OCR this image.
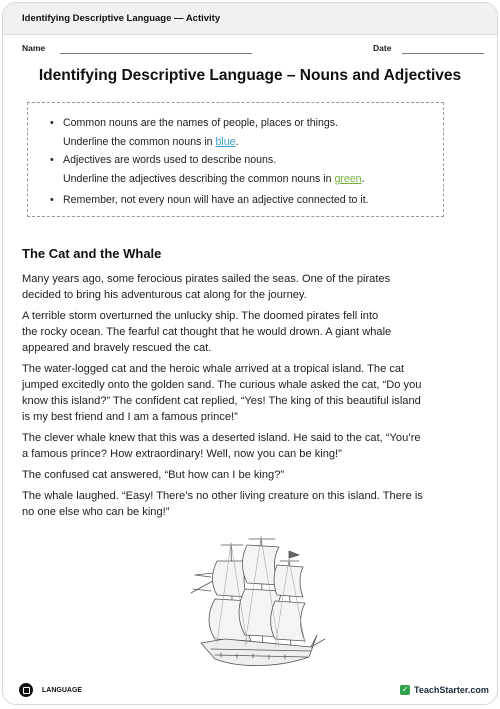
Identifying Descriptive Language — Activity
Name	Date
Identifying Descriptive Language – Nouns and Adjectives
• Common nouns are the names of people, places or things.
Underline the common nouns in blue.
• Adjectives are words used to describe nouns.
Underline the adjectives describing the common nouns in green.
• Remember, not every noun will have an adjective connected to it.
The Cat and the Whale

Many years ago, some ferocious pirates sailed the seas. One of the pirates

decided to bring his adventurous cat along for the journey.

A terrible storm overturned the unlucky ship. The doomed pirates fell into

the rocky ocean. The fearful cat thought that he would drown. A giant whale

appeared and bravely rescued the cat.

The water-logged cat and the heroic whale arrived at a tropical island. The cat

jumped excitedly onto the golden sand. The curious whale asked the cat, “Do you

know this island?” The confident cat replied, “Yes! The king of this beautiful island

is my best friend and I am a famous prince!”

The clever whale knew that this was a deserted island. He said to the cat, “You’re

a famous prince? How extraordinary! Well, now you can be king!”

The confused cat answered, “But how can I be king?”

The whale laughed. “Easy! There’s no other living creature on this island. There is

no one else who can be king!”

LANGUAGE	✓ TeachStarter.com
